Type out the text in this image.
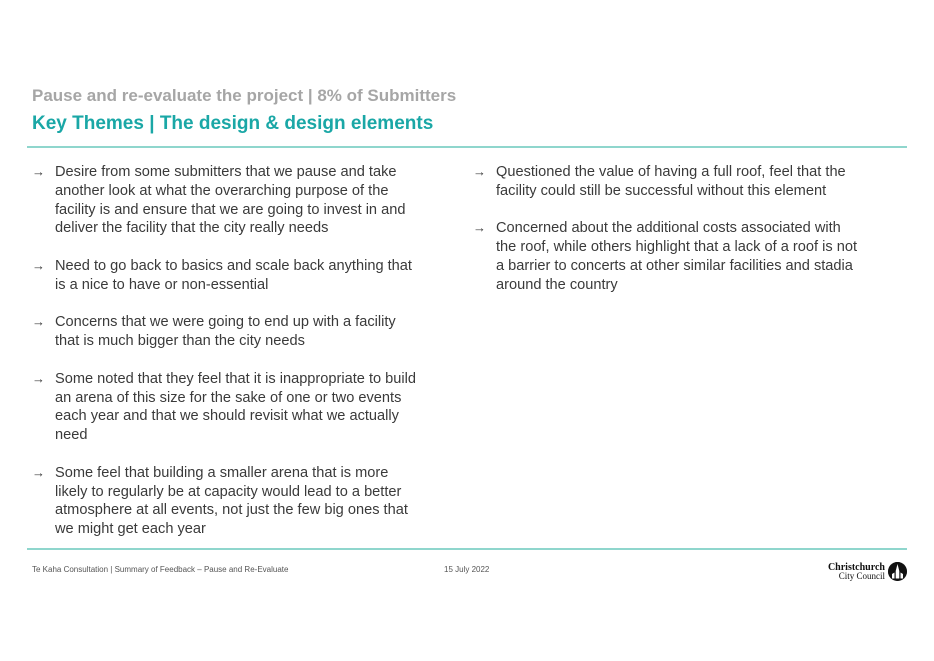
Pause and re-evaluate the project | 8% of Submitters
Key Themes | The design & design elements
→ Desire from some submitters that we pause and take another look at what the overarching purpose of the facility is and ensure that we are going to invest in and deliver the facility that the city really needs
→ Need to go back to basics and scale back anything that is a nice to have or non-essential
→ Concerns that we were going to end up with a facility that is much bigger than the city needs
→ Some noted that they feel that it is inappropriate to build an arena of this size for the sake of one or two events each year and that we should revisit what we actually need
→ Some feel that building a smaller arena that is more likely to regularly be at capacity would lead to a better atmosphere at all events, not just the few big ones that we might get each year
→ Questioned the value of having a full roof, feel that the facility could still be successful without this element
→ Concerned about the additional costs associated with the roof, while others highlight that a lack of a roof is not a barrier to concerts at other similar facilities and stadia around the country
Te Kaha Consultation | Summary of Feedback – Pause and Re-Evaluate	15 July 2022	Christchurch
City Council
